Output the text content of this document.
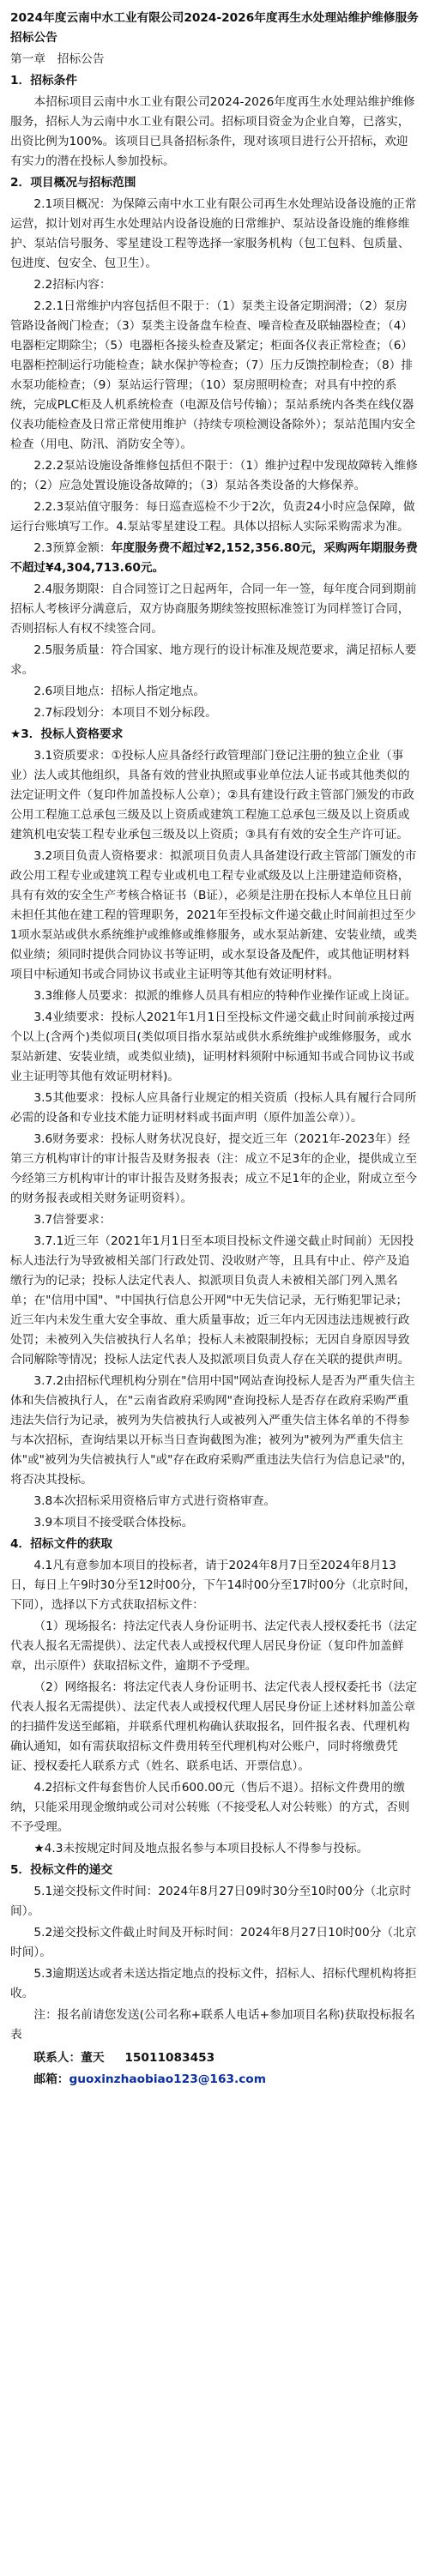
2024年度云南中水工业有限公司2024-2026年度再生水处理站维护维修服务招标公告
第一章　招标公告
1．招标条件

本招标项目云南中水工业有限公司2024-2026年度再生水处理站维护维修服务，招标人为云南中水工业有限公司。招标项目资金为企业自筹，已落实，出资比例为100%。该项目已具备招标条件，现对该项目进行公开招标，欢迎有实力的潜在投标人参加投标。

2．项目概况与招标范围

2.1项目概况：为保障云南中水工业有限公司再生水处理站设备设施的正常运营，拟计划对再生水处理站内设备设施的日常维护、泵站设备设施的维修维护、泵站信号服务、零星建设工程等选择一家服务机构（包工包料、包质量、包进度、包安全、包卫生）。

2.2招标内容：

2.2.1日常维护内容包括但不限于：（1）泵类主设备定期润滑；（2）泵房管路设备阀门检查；（3）泵类主设备盘车检查、噪音检查及联轴器检查；（4）电器柜定期除尘；（5）电器柜各接头检查及紧定；柜面各仪表正常检查；（6）电器柜控制运行功能检查；缺水保护等检查；（7）压力反馈控制检查；（8）排水泵功能检查；（9）泵站运行管理；（10）泵房照明检查；对具有中控的系统，完成PLC柜及人机系统检查（电源及信号传输）；泵站系统内各类在线仪器仪表功能检查及日常正常使用维护（持续专项检测设备除外）；泵站范围内安全检查（用电、防汛、消防安全等）。

2.2.2泵站设施设备维修包括但不限于：（1）维护过程中发现故障转入维修的；（2）应急处置设施设备故障的；（3）泵站各类设备的大修保养。

2.2.3泵站值守服务：每日巡查巡检不少于2次，负责24小时应急保障，做运行台账填写工作。4.泵站零星建设工程。具体以招标人实际采购需求为准。

2.3预算金额：年度服务费不超过¥2,152,356.80元，采购两年期服务费不超过¥4,304,713.60元。

2.4服务期限：自合同签订之日起两年，合同一年一签，每年度合同到期前招标人考核评分满意后，双方协商服务期续签按照标准签订为同样签订合同，否则招标人有权不续签合同。

2.5服务质量：符合国家、地方现行的设计标准及规范要求，满足招标人要求。

2.6项目地点：招标人指定地点。

2.7标段划分：本项目不划分标段。

★3．投标人资格要求

3.1资质要求：①投标人应具备经行政管理部门登记注册的独立企业（事业）法人或其他组织，具备有效的营业执照或事业单位法人证书或其他类似的法定证明文件（复印件加盖投标人公章）；②具有建设行政主管部门颁发的市政公用工程施工总承包三级及以上资质或建筑工程施工总承包三级及以上资质或建筑机电安装工程专业承包三级及以上资质；③具有有效的安全生产许可证。

3.2项目负责人资格要求：拟派项目负责人具备建设行政主管部门颁发的市政公用工程专业或建筑工程专业或机电工程专业贰级及以上注册建造师资格，具有有效的安全生产考核合格证书（B证），必须是注册在投标人本单位且日前未担任其他在建工程的管理职务，2021年至投标文件递交截止时间前担过至少1项水泵站或供水系统维护或维修或维修服务，或水泵站新建、安装业绩，或类似业绩；须同时提供合同协议书等证明，或水泵设备及配件，或其他证明材料项目中标通知书或合同协议书或业主证明等其他有效证明材料。

3.3维修人员要求：拟派的维修人员具有相应的特种作业操作证或上岗证。

3.4业绩要求：投标人2021年1月1日至投标文件递交截止时间前承接过两个以上(含两个)类似项目(类似项目指水泵站或供水系统维护或维修服务，或水泵站新建、安装业绩，或类似业绩)，证明材料须附中标通知书或合同协议书或业主证明等其他有效证明材料)。

3.5其他要求：投标人应具备行业规定的相关资质（投标人具有履行合同所必需的设备和专业技术能力证明材料或书面声明（原件加盖公章））。

3.6财务要求：投标人财务状况良好，提交近三年（2021年-2023年）经第三方机构审计的审计报告及财务报表（注：成立不足3年的企业，提供成立至今经第三方机构审计的审计报告及财务报表；成立不足1年的企业，附成立至今的财务报表或相关财务证明资料）。

3.7信誉要求：

3.7.1近三年（2021年1月1日至本项目投标文件递交截止时间前）无因投标人违法行为导致被相关部门行政处罚、没收财产等，且具有中止、停产及追缴行为的记录；投标人法定代表人、拟派项目负责人未被相关部门列入黑名单；在"信用中国"、"中国执行信息公开网"中无失信记录，无行贿犯罪记录；近三年内未发生重大安全事故、重大质量事故；近三年内无因违法违规被行政处罚；未被列入失信被执行人名单；投标人未被限制投标；无因自身原因导致合同解除等情况；投标人法定代表人及拟派项目负责人存在关联的提供声明。

3.7.2由招标代理机构分别在"信用中国"网站查询投标人是否为严重失信主体和失信被执行人，在"云南省政府采购网"查询投标人是否存在政府采购严重违法失信行为记录，被列为失信被执行人或被列入严重失信主体名单的不得参与本次招标，查询结果以开标当日查询截图为准；被列为"被列为严重失信主体"或"被列为失信被执行人"或"存在政府采购严重违法失信行为信息记录"的，将否决其投标。

3.8本次招标采用资格后审方式进行资格审查。

3.9本项目不接受联合体投标。

4．招标文件的获取

4.1凡有意参加本项目的投标者，请于2024年8月7日至2024年8月13日，每日上午9时30分至12时00分，下午14时00分至17时00分（北京时间，下同），选择以下方式获取招标文件：

（1）现场报名：持法定代表人身份证明书、法定代表人授权委托书（法定代表人报名无需提供）、法定代表人或授权代理人居民身份证（复印件加盖鲜章，出示原件）获取招标文件，逾期不予受理。

（2）网络报名：将法定代表人身份证明书、法定代表人授权委托书（法定代表人报名无需提供）、法定代表人或授权代理人居民身份证上述材料加盖公章的扫描件发送至邮箱，并联系代理机构确认获取报名，回件报名表、代理机构确认通知，如有需获取招标文件费用转至代理机构对公账户，同时将缴费凭证、授权委托人联系方式（姓名、联系电话、开票信息）。

4.2招标文件每套售价人民币600.00元（售后不退）。招标文件费用的缴纳，只能采用现金缴纳或公司对公转账（不接受私人对公转账）的方式，否则不予受理。

★4.3未按规定时间及地点报名参与本项目投标人不得参与投标。

5．投标文件的递交

5.1递交投标文件时间：2024年8月27日09时30分至10时00分（北京时间）。

5.2递交投标文件截止时间及开标时间：2024年8月27日10时00分（北京时间）。

5.3逾期送达或者未送达指定地点的投标文件，招标人、招标代理机构将拒收。

注：报名前请您发送(公司名称+联系人电话+参加项目名称)获取投标报名表

联系人：董天 15011083453

邮箱：guoxinzhaobiao123@163.com
